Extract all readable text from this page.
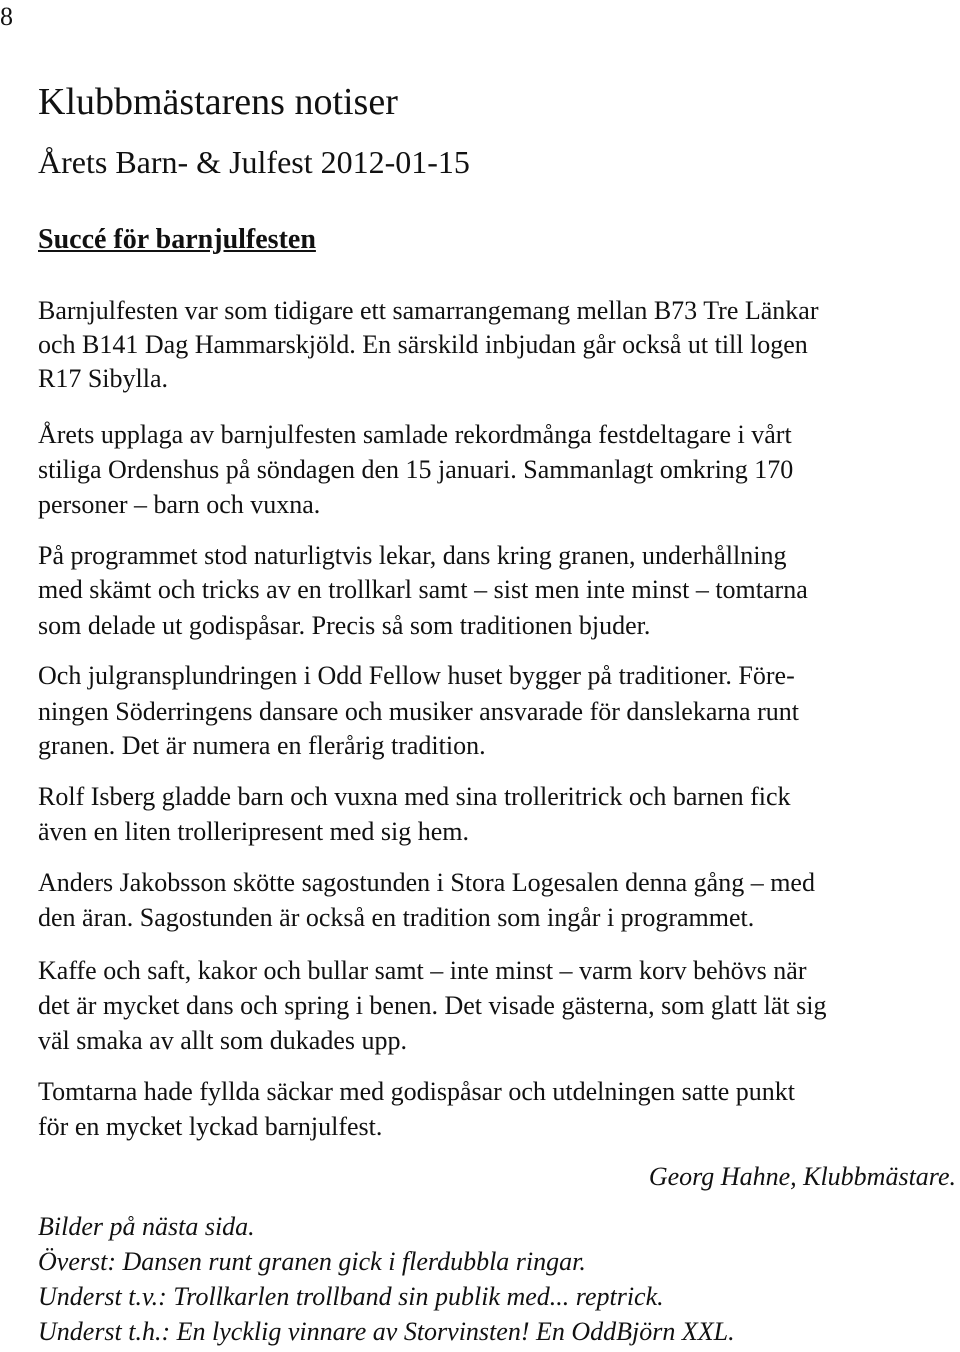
8
Klubbmästarens notiser
Årets Barn- & Julfest 2012-01-15
Succé för barnjulfesten

Barnjulfesten var som tidigare ett samarrangemang mellan B73 Tre Länkar

och B141 Dag Hammarskjöld. En särskild inbjudan går också ut till logen

R17 Sibylla.

Årets upplaga av barnjulfesten samlade rekordmånga festdeltagare i vårt

stiliga Ordenshus på söndagen den 15 januari. Sammanlagt omkring 170

personer – barn och vuxna.

På programmet stod naturligtvis lekar, dans kring granen, underhållning

med skämt och tricks av en trollkarl samt – sist men inte minst – tomtarna

som delade ut godispåsar. Precis så som traditionen bjuder.

Och julgransplundringen i Odd Fellow huset bygger på traditioner. Före-

ningen Söderringens dansare och musiker ansvarade för danslekarna runt

granen. Det är numera en flerårig tradition.

Rolf Isberg gladde barn och vuxna med sina trolleritrick och barnen fick

även en liten trolleripresent med sig hem.

Anders Jakobsson skötte sagostunden i Stora Logesalen denna gång – med

den äran. Sagostunden är också en tradition som ingår i programmet.

Kaffe och saft, kakor och bullar samt – inte minst – varm korv behövs när

det är mycket dans och spring i benen. Det visade gästerna, som glatt lät sig

väl smaka av allt som dukades upp.

Tomtarna hade fyllda säckar med godispåsar och utdelningen satte punkt

för en mycket lyckad barnjulfest.

Georg Hahne, Klubbmästare.
Bilder på nästa sida.
Överst: Dansen runt granen gick i flerdubbla ringar.
Underst t.v.: Trollkarlen trollband sin publik med... reptrick.
Underst t.h.: En lycklig vinnare av Storvinsten! En OddBjörn XXL.
